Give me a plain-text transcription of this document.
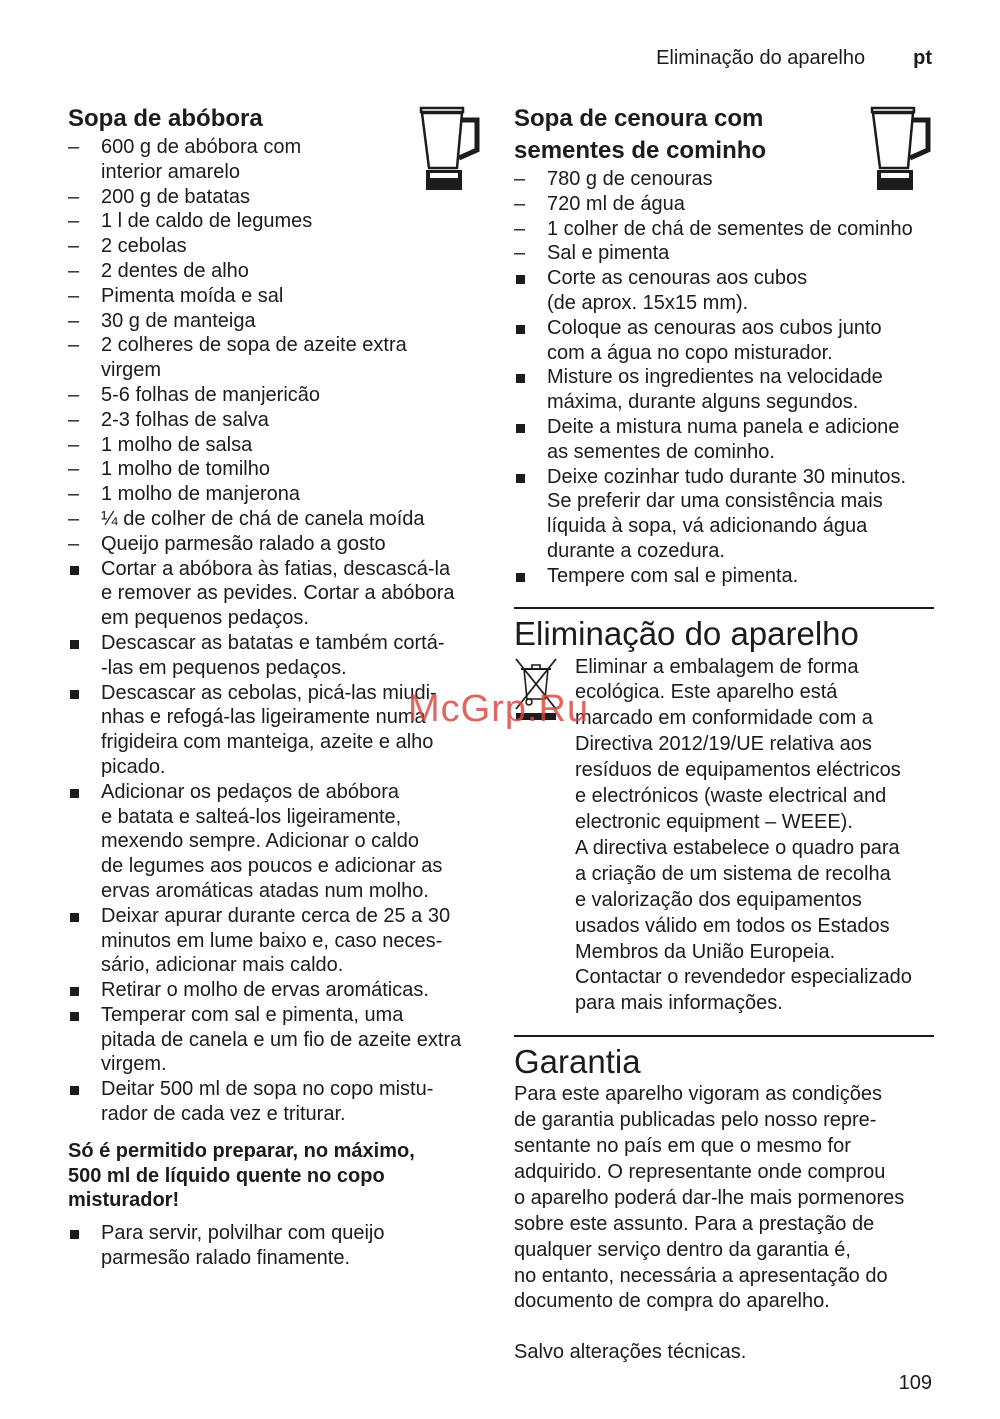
Eliminação do aparelho pt
Sopa de abóbora
–	600 g de abóbora com
interior amarelo
–	200 g de batatas
–	1 l de caldo de legumes
–	2 cebolas
–	2 dentes de alho
–	Pimenta moída e sal
–	30 g de manteiga
–	2 colheres de sopa de azeite extra
virgem
–	5-6 folhas de manjericão
–	2-3 folhas de salva
–	1 molho de salsa
–	1 molho de tomilho
–	1 molho de manjerona
–	¼ de colher de chá de canela moída
–	Queijo parmesão ralado a gosto
Cortar a abóbora às fatias, descascá-la
e remover as pevides. Cortar a abóbora
em pequenos pedaços.
Descascar as batatas e também cortá-
-las em pequenos pedaços.
Descascar as cebolas, picá-las miudi-
nhas e refogá-las ligeiramente numa
frigideira com manteiga, azeite e alho
picado.
Adicionar os pedaços de abóbora
e batata e salteá-los ligeiramente,
mexendo sempre. Adicionar o caldo
de legumes aos poucos e adicionar as
ervas aromáticas atadas num molho.
Deixar apurar durante cerca de 25 a 30
minutos em lume baixo e, caso neces-
sário, adicionar mais caldo.
Retirar o molho de ervas aromáticas.
Temperar com sal e pimenta, uma
pitada de canela e um fio de azeite extra
virgem.
Deitar 500 ml de sopa no copo mistu-
rador de cada vez e triturar.
Só é permitido preparar, no máximo,
500 ml de líquido quente no copo
misturador!
Para servir, polvilhar com queijo
parmesão ralado finamente.
Sopa de cenoura com
sementes de cominho
–	780 g de cenouras
–	720 ml de água
–	1 colher de chá de sementes de cominho
–	Sal e pimenta
Corte as cenouras aos cubos
(de aprox. 15x15 mm).
Coloque as cenouras aos cubos junto
com a água no copo misturador.
Misture os ingredientes na velocidade
máxima, durante alguns segundos.
Deite a mistura numa panela e adicione
as sementes de cominho.
Deixe cozinhar tudo durante 30 minutos.
Se preferir dar uma consistência mais
líquida à sopa, vá adicionando água
durante a cozedura.
Tempere com sal e pimenta.
Eliminação do aparelho

Eliminar a embalagem de forma
ecológica. Este aparelho está
marcado em conformidade com a
Directiva 2012/19/UE relativa aos
resíduos de equipamentos eléctricos
e electrónicos (waste electrical and
electronic equipment – WEEE).
A directiva estabelece o quadro para
a criação de um sistema de recolha
e valorização dos equipamentos
usados válido em todos os Estados
Membros da União Europeia.
Contactar o revendedor especializado
para mais informações.

Garantia

Para este aparelho vigoram as condições
de garantia publicadas pelo nosso repre-
sentante no país em que o mesmo for
adquirido. O representante onde comprou
o aparelho poderá dar-lhe mais pormenores
sobre este assunto. Para a prestação de
qualquer serviço dentro da garantia é,
no entanto, necessária a apresentação do
documento de compra do aparelho.

Salvo alterações técnicas.

109
McGrp.Ru
